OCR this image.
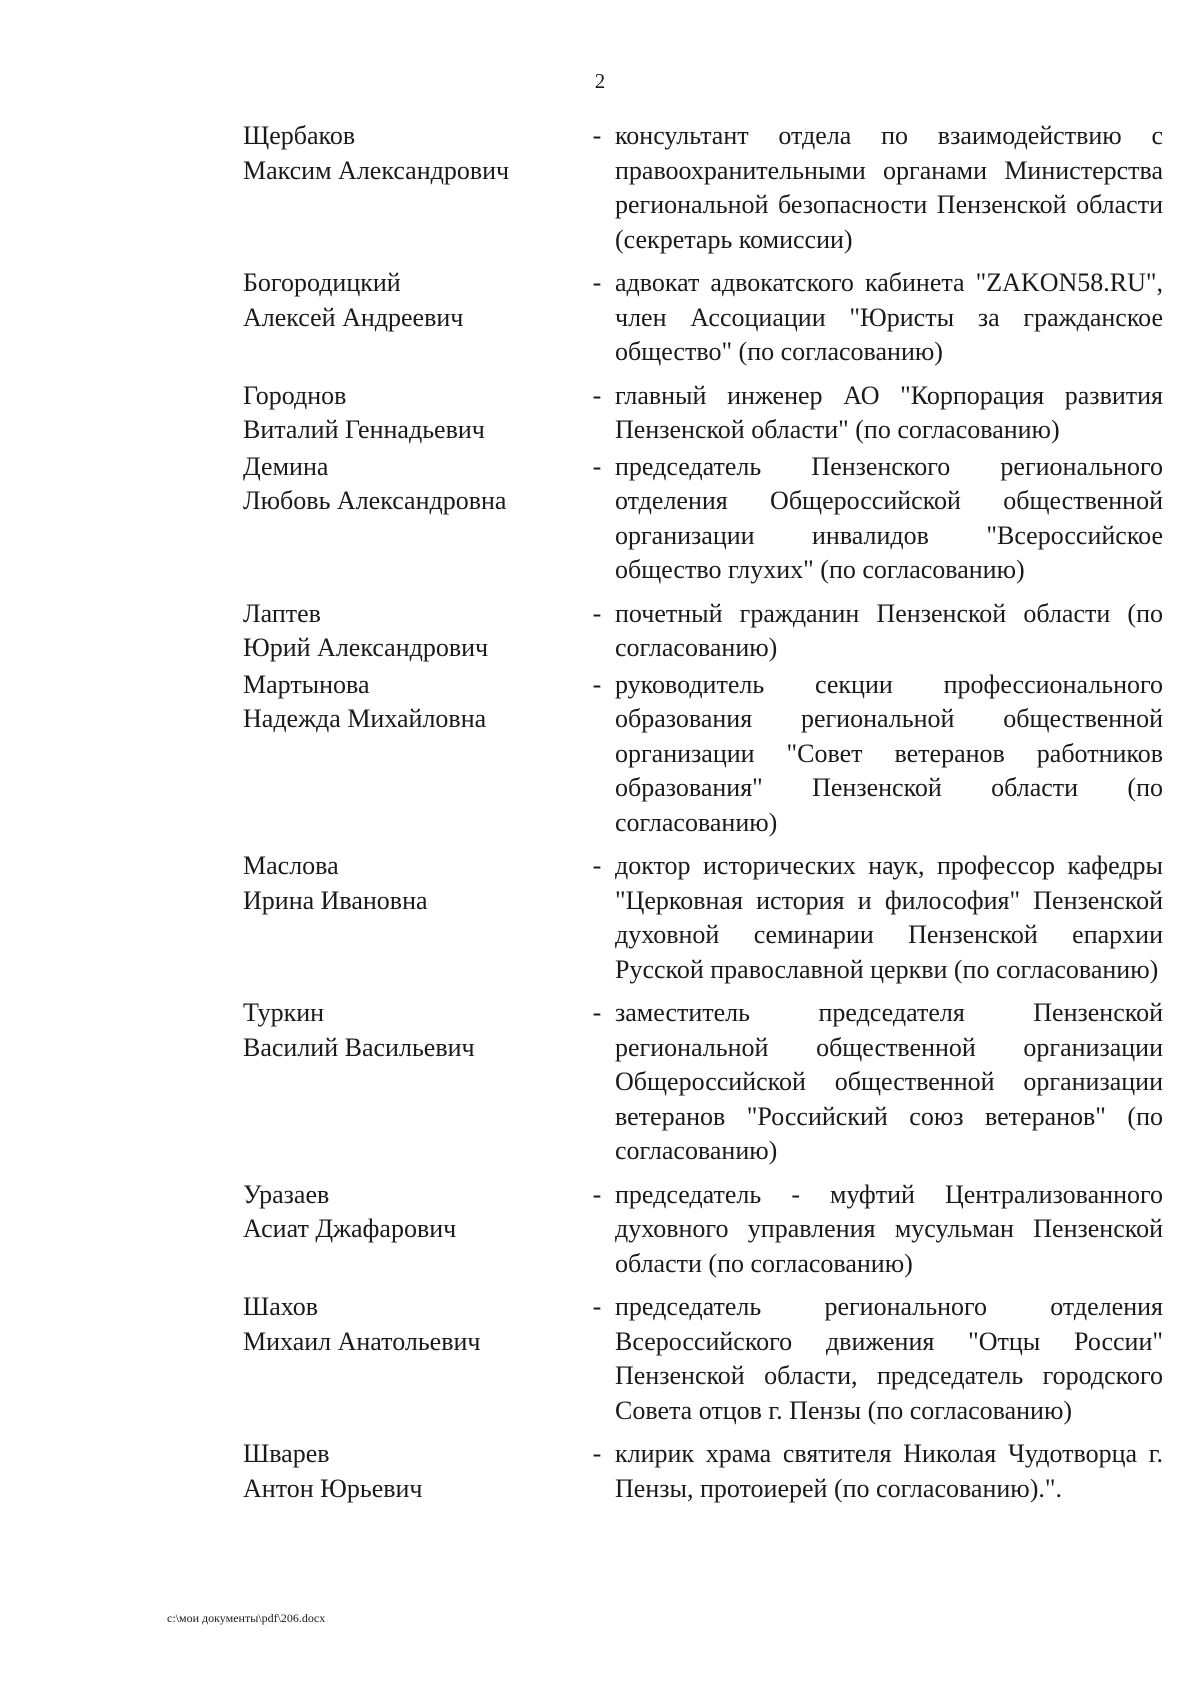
2
Щербаков
Максим Александрович
- консультант отдела по взаимодействию с правоохранительными органами Министерства региональной безопасности Пензенской области (секретарь комиссии)
Богородицкий
Алексей Андреевич
- адвокат адвокатского кабинета "ZAKON58.RU", член Ассоциации "Юристы за гражданское общество" (по согласованию)
Городнов
Виталий Геннадьевич
- главный инженер АО "Корпорация развития Пензенской области" (по согласованию)
Демина
Любовь Александровна
- председатель Пензенского регионального отделения Общероссийской общественной организации инвалидов "Всероссийское общество глухих" (по согласованию)
Лаптев
Юрий Александрович
- почетный гражданин Пензенской области (по согласованию)
Мартынова
Надежда Михайловна
- руководитель секции профессионального образования региональной общественной организации "Совет ветеранов работников образования" Пензенской области (по согласованию)
Маслова
Ирина Ивановна
- доктор исторических наук, профессор кафедры "Церковная история и философия" Пензенской духовной семинарии Пензенской епархии Русской православной церкви (по согласованию)
Туркин
Василий Васильевич
- заместитель председателя Пензенской региональной общественной организации Общероссийской общественной организации ветеранов "Российский союз ветеранов" (по согласованию)
Уразаев
Асиат Джафарович
- председатель - муфтий Централизованного духовного управления мусульман Пензенской области (по согласованию)
Шахов
Михаил Анатольевич
- председатель регионального отделения Всероссийского движения "Отцы России" Пензенской области, председатель городского Совета отцов г. Пензы (по согласованию)
Шварев
Антон Юрьевич
- клирик храма святителя Николая Чудотворца г. Пензы, протоиерей (по согласованию).".
c:\мои документы\pdf\206.docx
